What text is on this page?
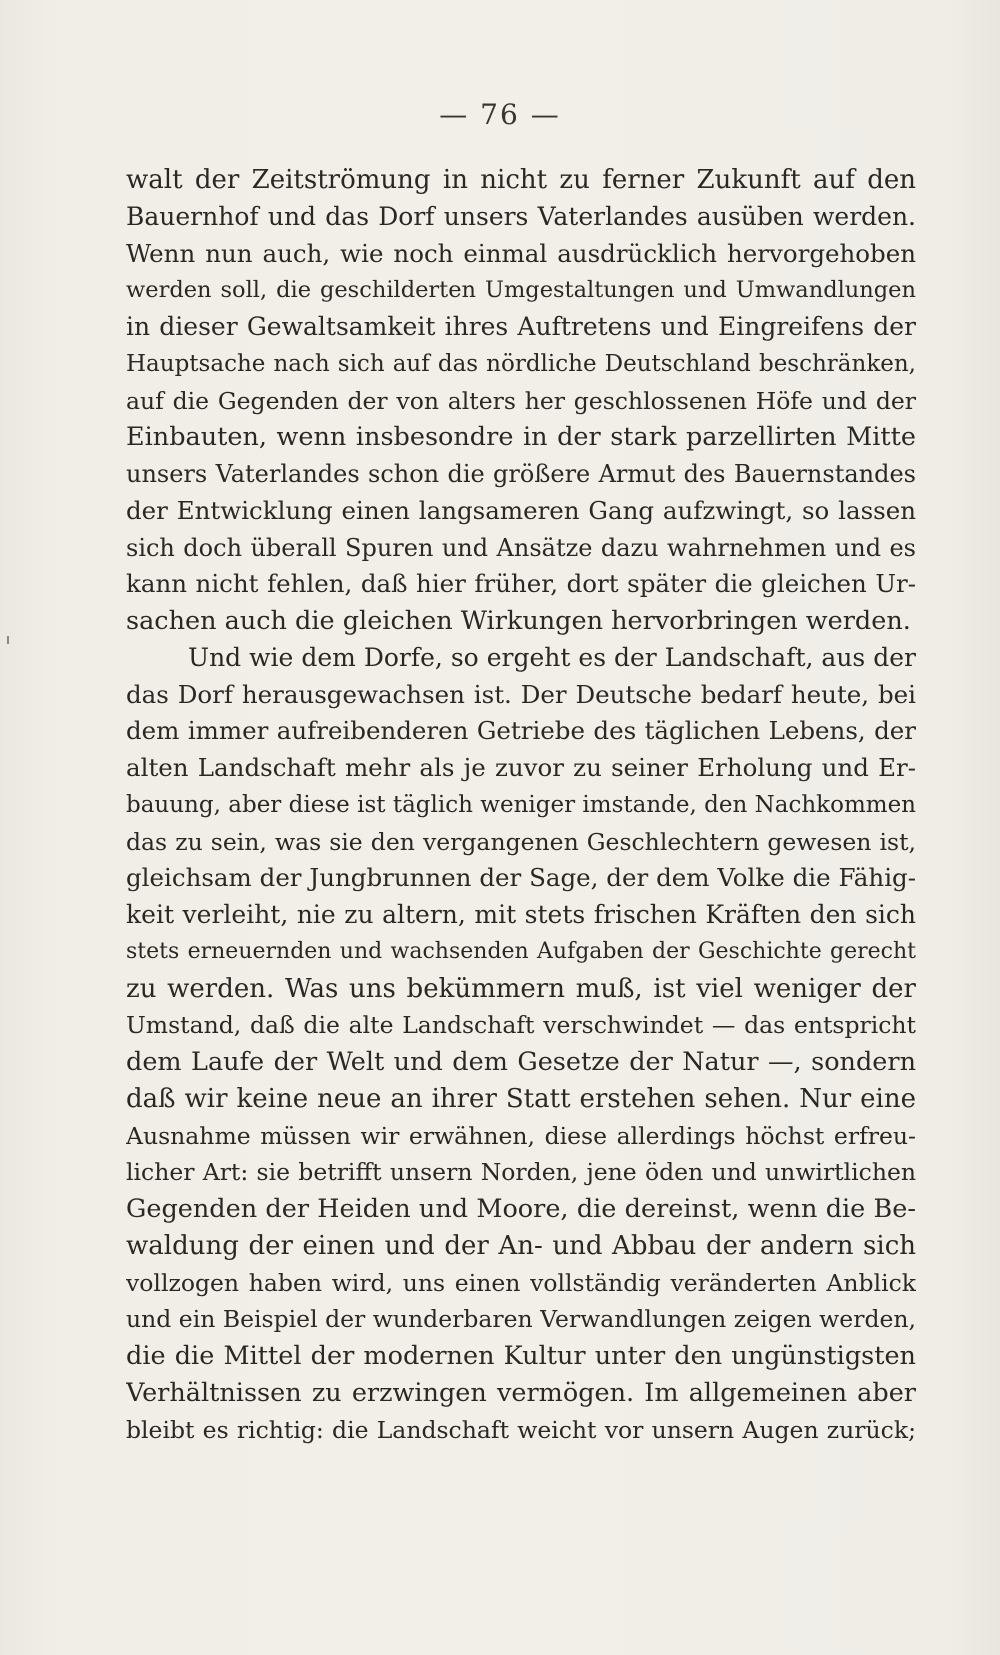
— 76 —
walt der Zeitströmung in nicht zu ferner Zukunft auf den
Bauernhof und das Dorf unsers Vaterlandes ausüben werden.
Wenn nun auch, wie noch einmal ausdrücklich hervorgehoben
werden soll, die geschilderten Umgestaltungen und Umwandlungen
in dieser Gewaltsamkeit ihres Auftretens und Eingreifens der
Hauptsache nach sich auf das nördliche Deutschland beschränken,
auf die Gegenden der von alters her geschlossenen Höfe und der
Einbauten, wenn insbesondre in der stark parzellirten Mitte
unsers Vaterlandes schon die größere Armut des Bauernstandes
der Entwicklung einen langsameren Gang aufzwingt, so lassen
sich doch überall Spuren und Ansätze dazu wahrnehmen und es
kann nicht fehlen, daß hier früher, dort später die gleichen Ur-
sachen auch die gleichen Wirkungen hervorbringen werden.
Und wie dem Dorfe, so ergeht es der Landschaft, aus der
das Dorf herausgewachsen ist. Der Deutsche bedarf heute, bei
dem immer aufreibenderen Getriebe des täglichen Lebens, der
alten Landschaft mehr als je zuvor zu seiner Erholung und Er-
bauung, aber diese ist täglich weniger imstande, den Nachkommen
das zu sein, was sie den vergangenen Geschlechtern gewesen ist,
gleichsam der Jungbrunnen der Sage, der dem Volke die Fähig-
keit verleiht, nie zu altern, mit stets frischen Kräften den sich
stets erneuernden und wachsenden Aufgaben der Geschichte gerecht
zu werden. Was uns bekümmern muß, ist viel weniger der
Umstand, daß die alte Landschaft verschwindet — das entspricht
dem Laufe der Welt und dem Gesetze der Natur —, sondern
daß wir keine neue an ihrer Statt erstehen sehen. Nur eine
Ausnahme müssen wir erwähnen, diese allerdings höchst erfreu-
licher Art: sie betrifft unsern Norden, jene öden und unwirtlichen
Gegenden der Heiden und Moore, die dereinst, wenn die Be-
waldung der einen und der An- und Abbau der andern sich
vollzogen haben wird, uns einen vollständig veränderten Anblick
und ein Beispiel der wunderbaren Verwandlungen zeigen werden,
die die Mittel der modernen Kultur unter den ungünstigsten
Verhältnissen zu erzwingen vermögen. Im allgemeinen aber
bleibt es richtig: die Landschaft weicht vor unsern Augen zurück;
